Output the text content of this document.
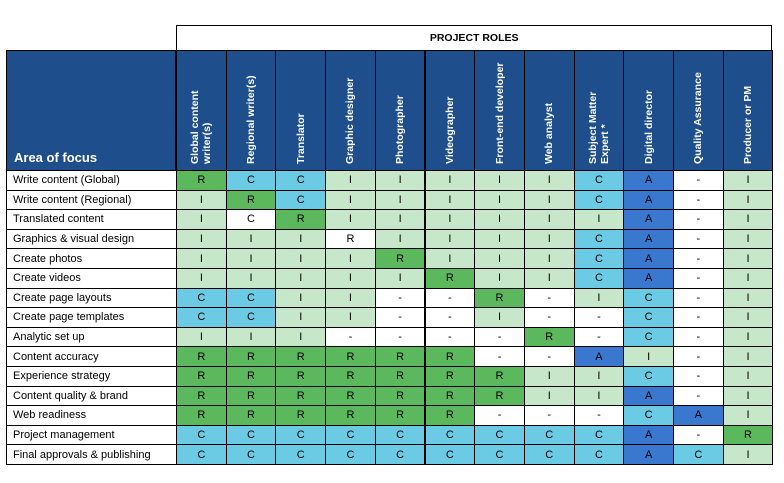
PROJECT ROLES
Area of focus	Global content writer(s)	Regional writer(s)	Translator	Graphic designer	Photographer	Videographer	Front-end developer	Web analyst	Subject Matter Expert *	Digital director	Quality Assurance	Producer or PM
Write content (Global)	R	C	C	I	I	I	I	I	C	A	-	I
Write content (Regional)	I	R	C	I	I	I	I	I	C	A	-	I
Translated content	I	C	R	I	I	I	I	I	I	A	-	I
Graphics & visual design	I	I	I	R	I	I	I	I	C	A	-	I
Create photos	I	I	I	I	R	I	I	I	C	A	-	I
Create videos	I	I	I	I	I	R	I	I	C	A	-	I
Create page layouts	C	C	I	I	-	-	R	-	I	C	-	I
Create page templates	C	C	I	I	-	-	I	-	-	C	-	I
Analytic set up	I	I	I	-	-	-	-	R	-	C	-	I
Content accuracy	R	R	R	R	R	R	-	-	A	I	-	I
Experience strategy	R	R	R	R	R	R	R	I	I	C	-	I
Content quality & brand	R	R	R	R	R	R	R	I	I	A	-	I
Web readiness	R	R	R	R	R	R	-	-	-	C	A	I
Project management	C	C	C	C	C	C	C	C	C	A	-	R
Final approvals & publishing	C	C	C	C	C	C	C	C	C	A	C	I
